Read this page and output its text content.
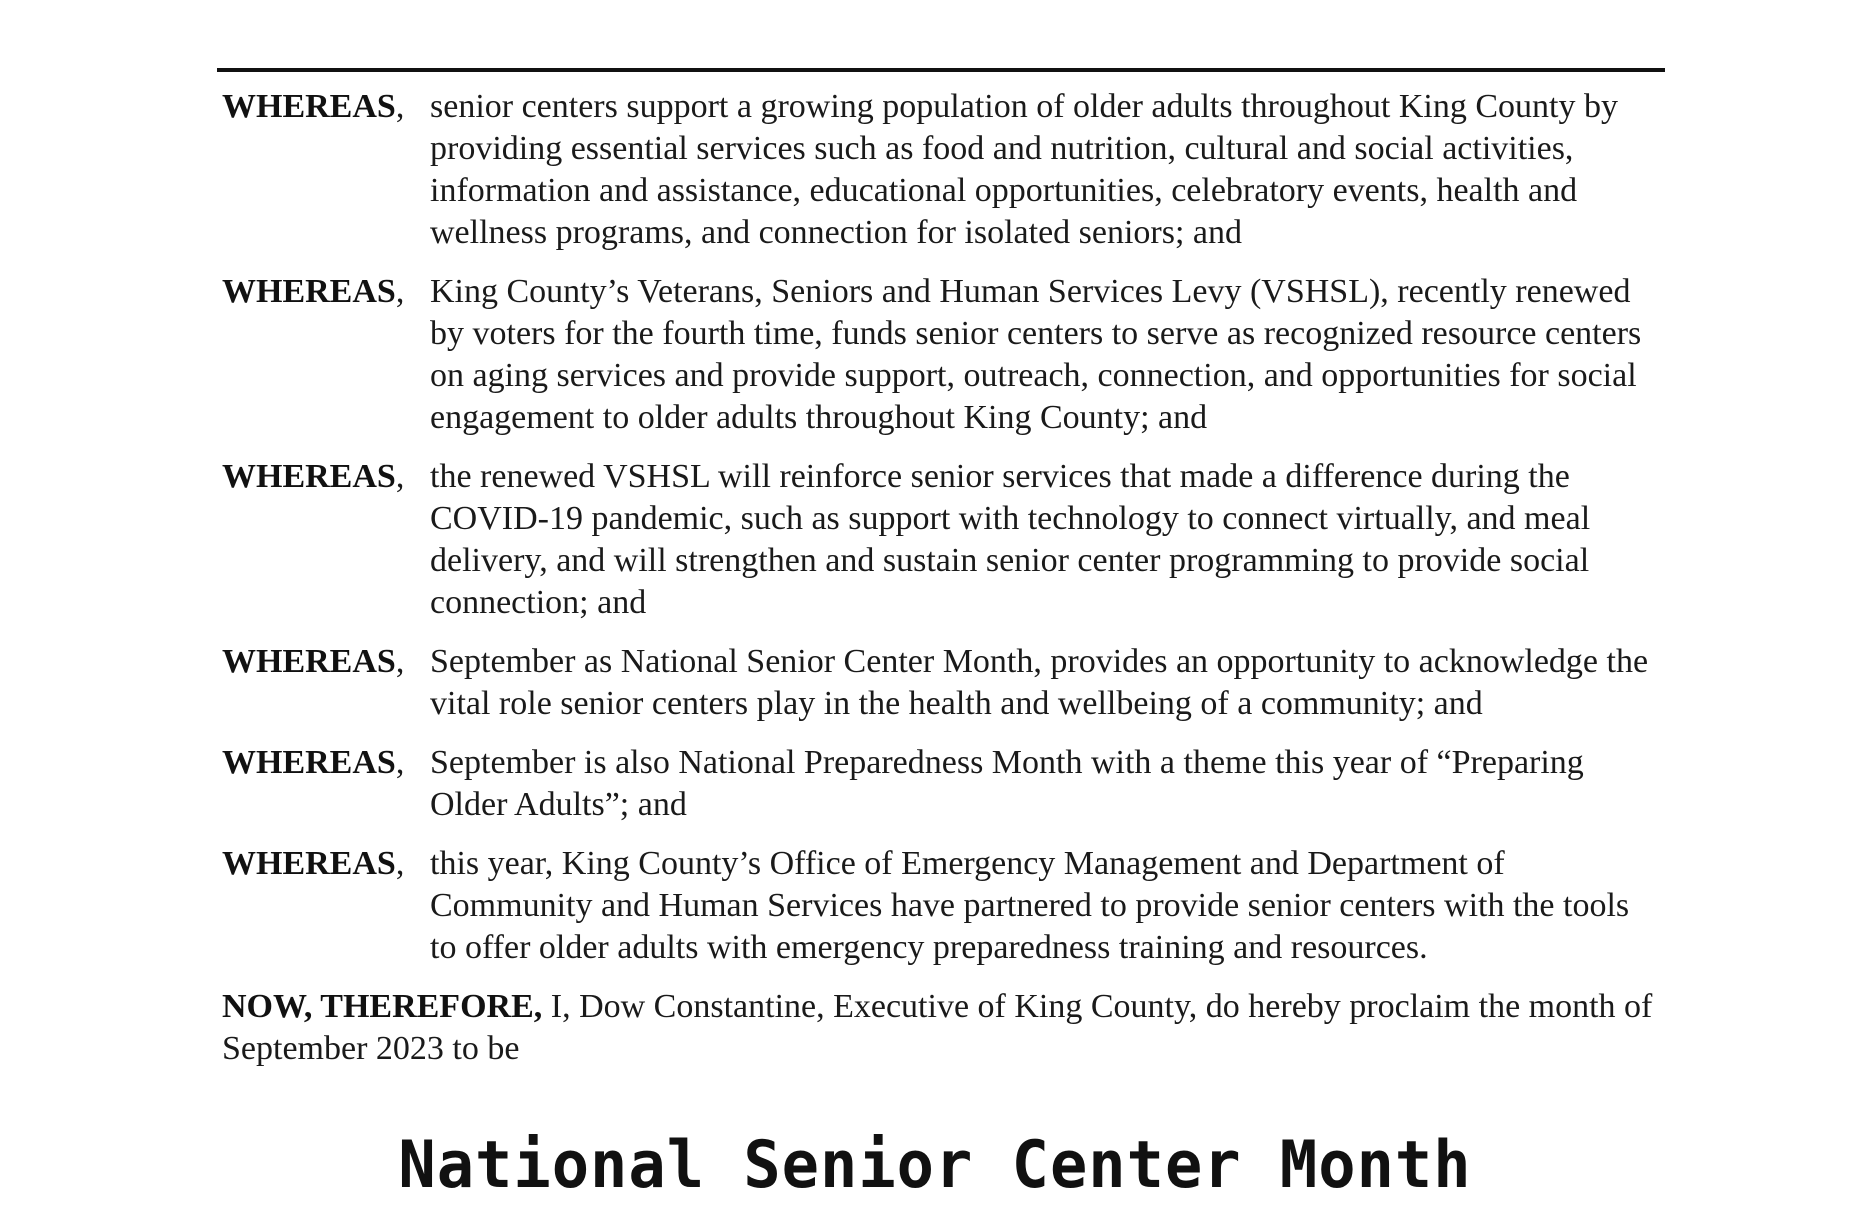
WHEREAS, senior centers support a growing population of older adults throughout King County by providing essential services such as food and nutrition, cultural and social activities, information and assistance, educational opportunities, celebratory events, health and wellness programs, and connection for isolated seniors; and
WHEREAS, King County’s Veterans, Seniors and Human Services Levy (VSHSL), recently renewed by voters for the fourth time, funds senior centers to serve as recognized resource centers on aging services and provide support, outreach, connection, and opportunities for social engagement to older adults throughout King County; and
WHEREAS, the renewed VSHSL will reinforce senior services that made a difference during the COVID-19 pandemic, such as support with technology to connect virtually, and meal delivery, and will strengthen and sustain senior center programming to provide social connection; and
WHEREAS, September as National Senior Center Month, provides an opportunity to acknowledge the vital role senior centers play in the health and wellbeing of a community; and
WHEREAS, September is also National Preparedness Month with a theme this year of “Preparing Older Adults”; and
WHEREAS, this year, King County’s Office of Emergency Management and Department of Community and Human Services have partnered to provide senior centers with the tools to offer older adults with emergency preparedness training and resources.
NOW, THEREFORE, I, Dow Constantine, Executive of King County, do hereby proclaim the month of September 2023 to be
National Senior Center Month
